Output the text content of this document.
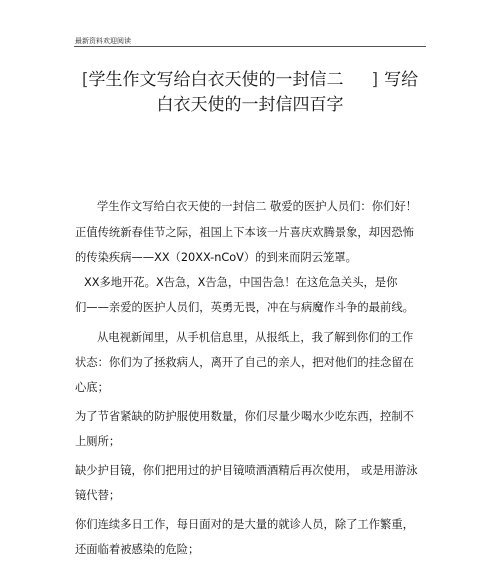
最新资料欢迎阅读
[学生作文写给白衣天使的一封信二 ] 写给
白衣天使的一封信四百字
学生作文写给白衣天使的一封信二 敬爱的医护人员们：你们好！
正值传统新春佳节之际，祖国上下本该一片喜庆欢腾景象，却因恐怖
的传染疾病——XX（20XX-nCoV）的到来而阴云笼罩。
XX多地开花。X告急，X告急，中国告急！在这危急关头，是你
们——亲爱的医护人员们，英勇无畏，冲在与病魔作斗争的最前线。
从电视新闻里，从手机信息里，从报纸上，我了解到你们的工作
状态：你们为了拯救病人，离开了自己的亲人，把对他们的挂念留在
心底；
为了节省紧缺的防护服使用数量，你们尽量少喝水少吃东西，控制不
上厕所；
缺少护目镜，你们把用过的护目镜喷酒酒精后再次使用， 或是用游泳
镜代替；
你们连续多日工作，每日面对的是大量的就诊人员，除了工作繁重，
还面临着被感染的危险；
